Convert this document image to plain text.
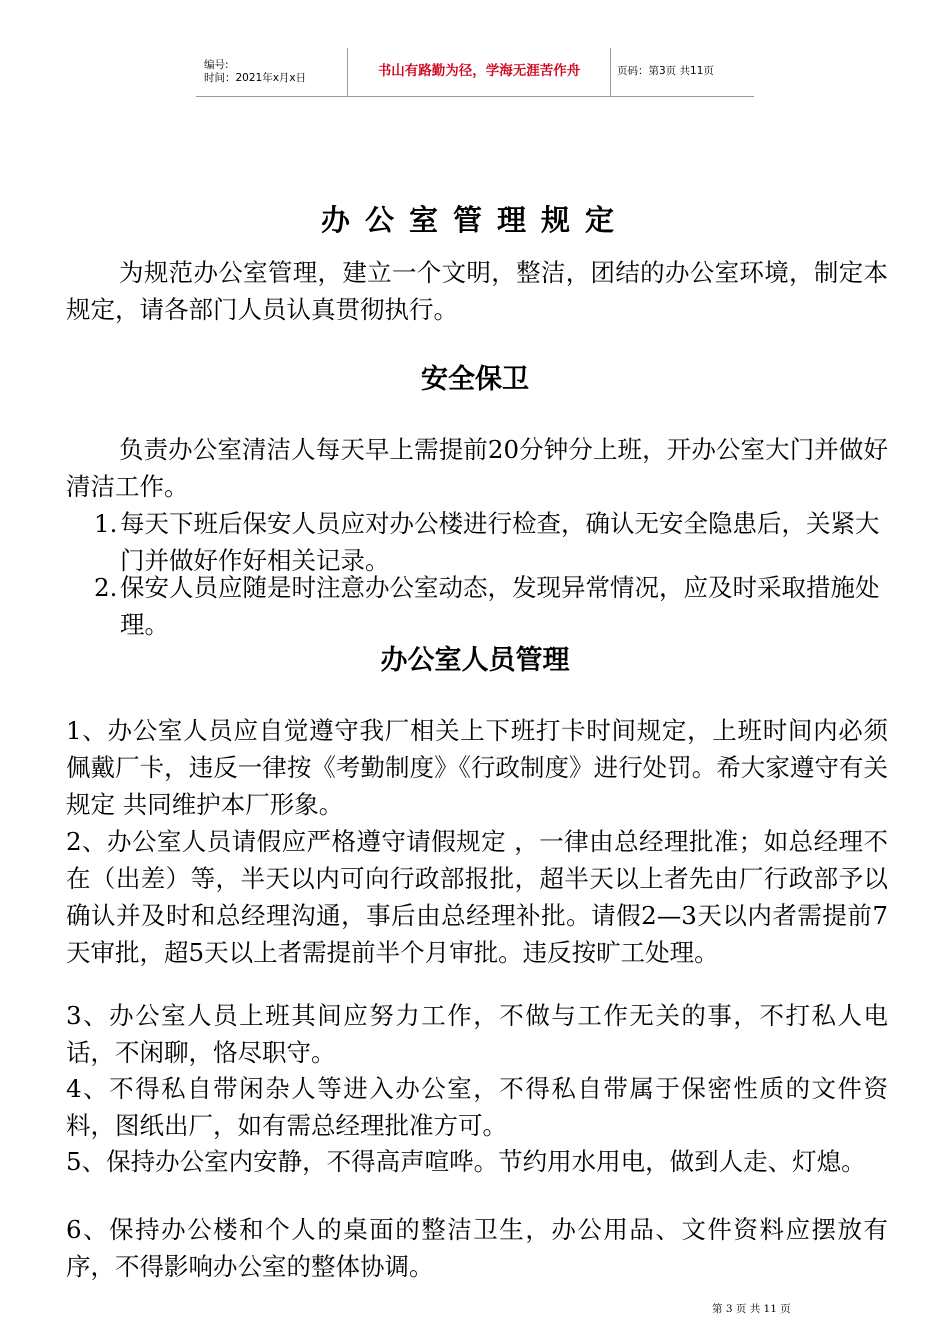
编号:
时间：2021年x月x日	书山有路勤为径，学海无涯苦作舟	页码：第3页 共11页
办公室管理规定
为规范办公室管理，建立一个文明，整洁，团结的办公室环境，制定本规定，请各部门人员认真贯彻执行。
安全保卫
负责办公室清洁人每天早上需提前20分钟分上班，开办公室大门并做好清洁工作。
1. 每天下班后保安人员应对办公楼进行检查，确认无安全隐患后，关紧大门并做好作好相关记录。
2. 保安人员应随是时注意办公室动态，发现异常情况，应及时采取措施处理。
办公室人员管理
1、办公室人员应自觉遵守我厂相关上下班打卡时间规定，上班时间内必须佩戴厂卡，违反一律按《考勤制度》《行政制度》进行处罚。希大家遵守有关规定 共同维护本厂形象。
2、办公室人员请假应严格遵守请假规定 ，一律由总经理批准；如总经理不在（出差）等，半天以内可向行政部报批，超半天以上者先由厂行政部予以确认并及时和总经理沟通，事后由总经理补批。请假2—3天以内者需提前7天审批，超5天以上者需提前半个月审批。违反按旷工处理。
3、办公室人员上班其间应努力工作，不做与工作无关的事，不打私人电话，不闲聊，恪尽职守。
4、不得私自带闲杂人等进入办公室，不得私自带属于保密性质的文件资料，图纸出厂，如有需总经理批准方可。
5、保持办公室内安静，不得高声喧哗。节约用水用电，做到人走、灯熄。
6、保持办公楼和个人的桌面的整洁卫生，办公用品、文件资料应摆放有序，不得影响办公室的整体协调。
第 3 页 共 11 页
